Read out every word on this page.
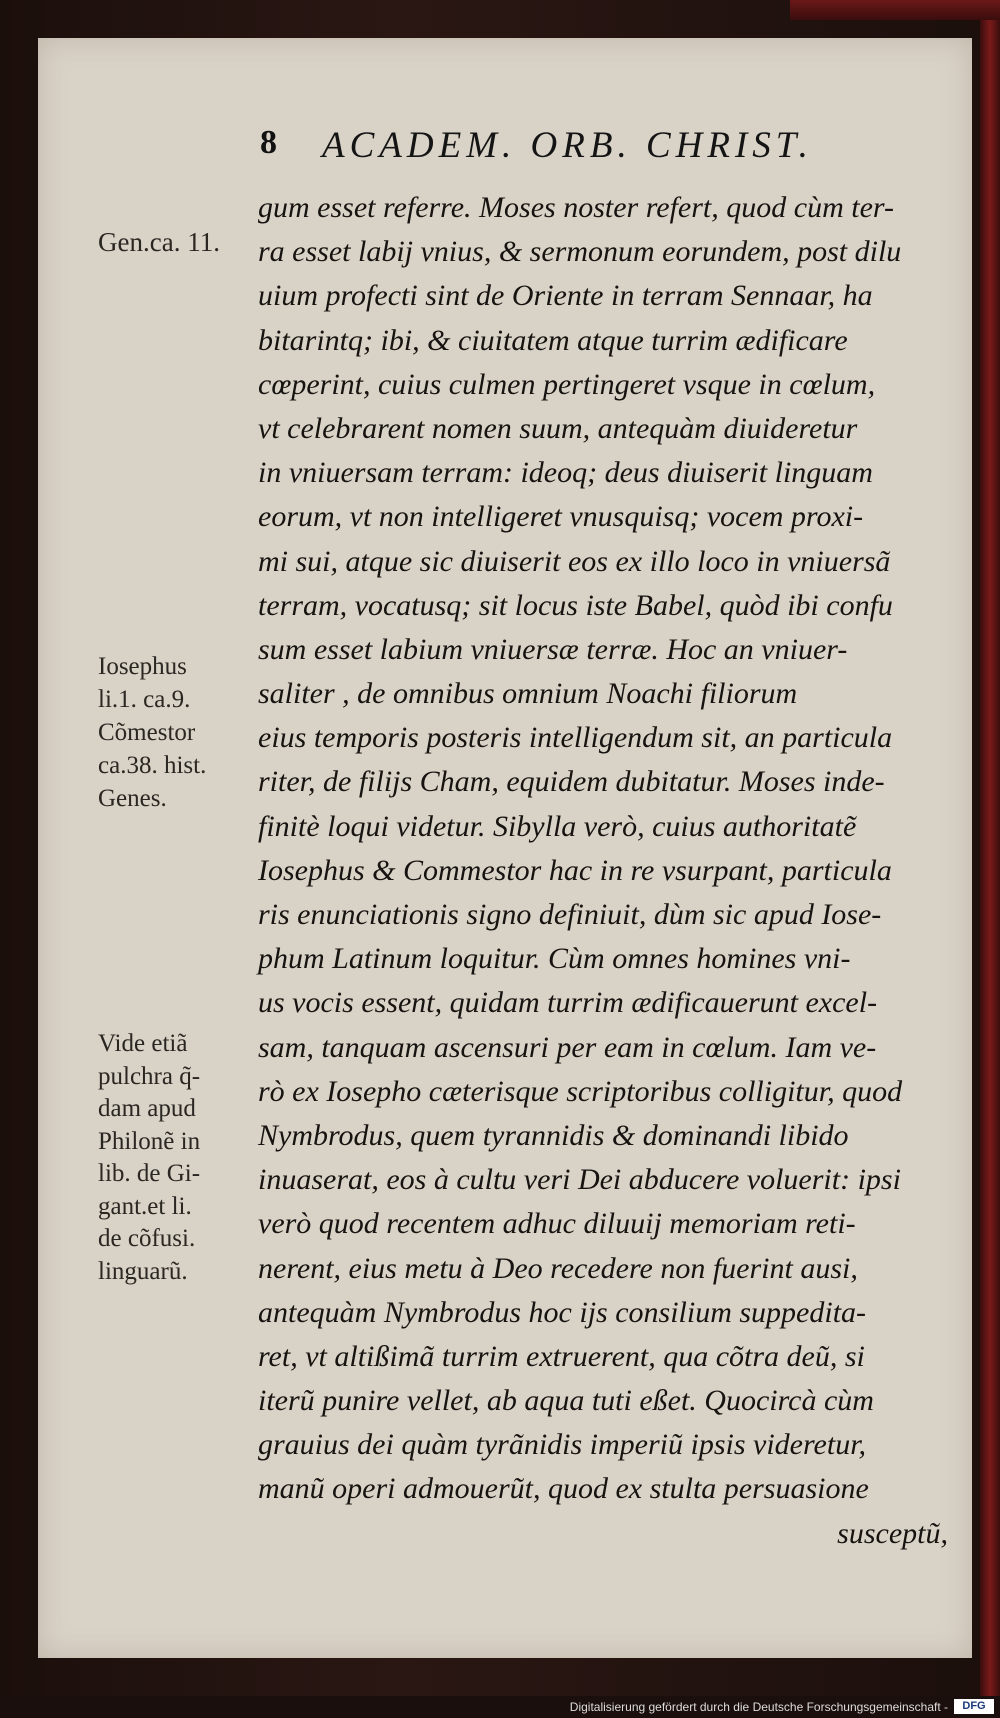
8 ACADEM. ORB. CHRIST.
Gen.ca. 11.
Iosephus
li.1. ca.9.
Cõmestor
ca.38. hist.
Genes.
Vide etiã
pulchra q̃-
dam apud
Philonẽ in
lib. de Gi-
gant.et li.
de cõfusi.
linguarũ.
gum esset referre. Moses noster refert, quod cùm ter-
ra esset labij vnius, & sermonum eorundem, post dilu
uium profecti sint de Oriente in terram Sennaar, ha
bitarintq; ibi, & ciuitatem atque turrim ædificare
cœperint, cuius culmen pertingeret vsque in cœlum,
vt celebrarent nomen suum, antequàm diuideretur
in vniuersam terram: ideoq; deus diuiserit linguam
eorum, vt non intelligeret vnusquisq; vocem proxi-
mi sui, atque sic diuiserit eos ex illo loco in vniuersã
terram, vocatusq; sit locus iste Babel, quòd ibi confu
sum esset labium vniuersæ terræ. Hoc an vniuer-
saliter , de omnibus omnium Noachi filiorum
eius temporis posteris intelligendum sit, an particula
riter, de filijs Cham, equidem dubitatur. Moses inde-
finitè loqui videtur. Sibylla verò, cuius authoritatẽ
Iosephus & Commestor hac in re vsurpant, particula
ris enunciationis signo definiuit, dùm sic apud Iose-
phum Latinum loquitur. Cùm omnes homines vni-
us vocis essent, quidam turrim ædificauerunt excel-
sam, tanquam ascensuri per eam in cœlum. Iam ve-
rò ex Iosepho cæterisque scriptoribus colligitur, quod
Nymbrodus, quem tyrannidis & dominandi libido
inuaserat, eos à cultu veri Dei abducere voluerit: ipsi
verò quod recentem adhuc diluuij memoriam reti-
nerent, eius metu à Deo recedere non fuerint ausi,
antequàm Nymbrodus hoc ijs consilium suppedita-
ret, vt altißimã turrim extruerent, qua cõtra deũ, si
iterũ punire vellet, ab aqua tuti eßet. Quocircà cùm
grauius dei quàm tyrãnidis imperiũ ipsis videretur,
manũ operi admouerũt, quod ex stulta persuasione
susceptũ,
Digitalisierung gefördert durch die Deutsche Forschungsgemeinschaft -	DFG
